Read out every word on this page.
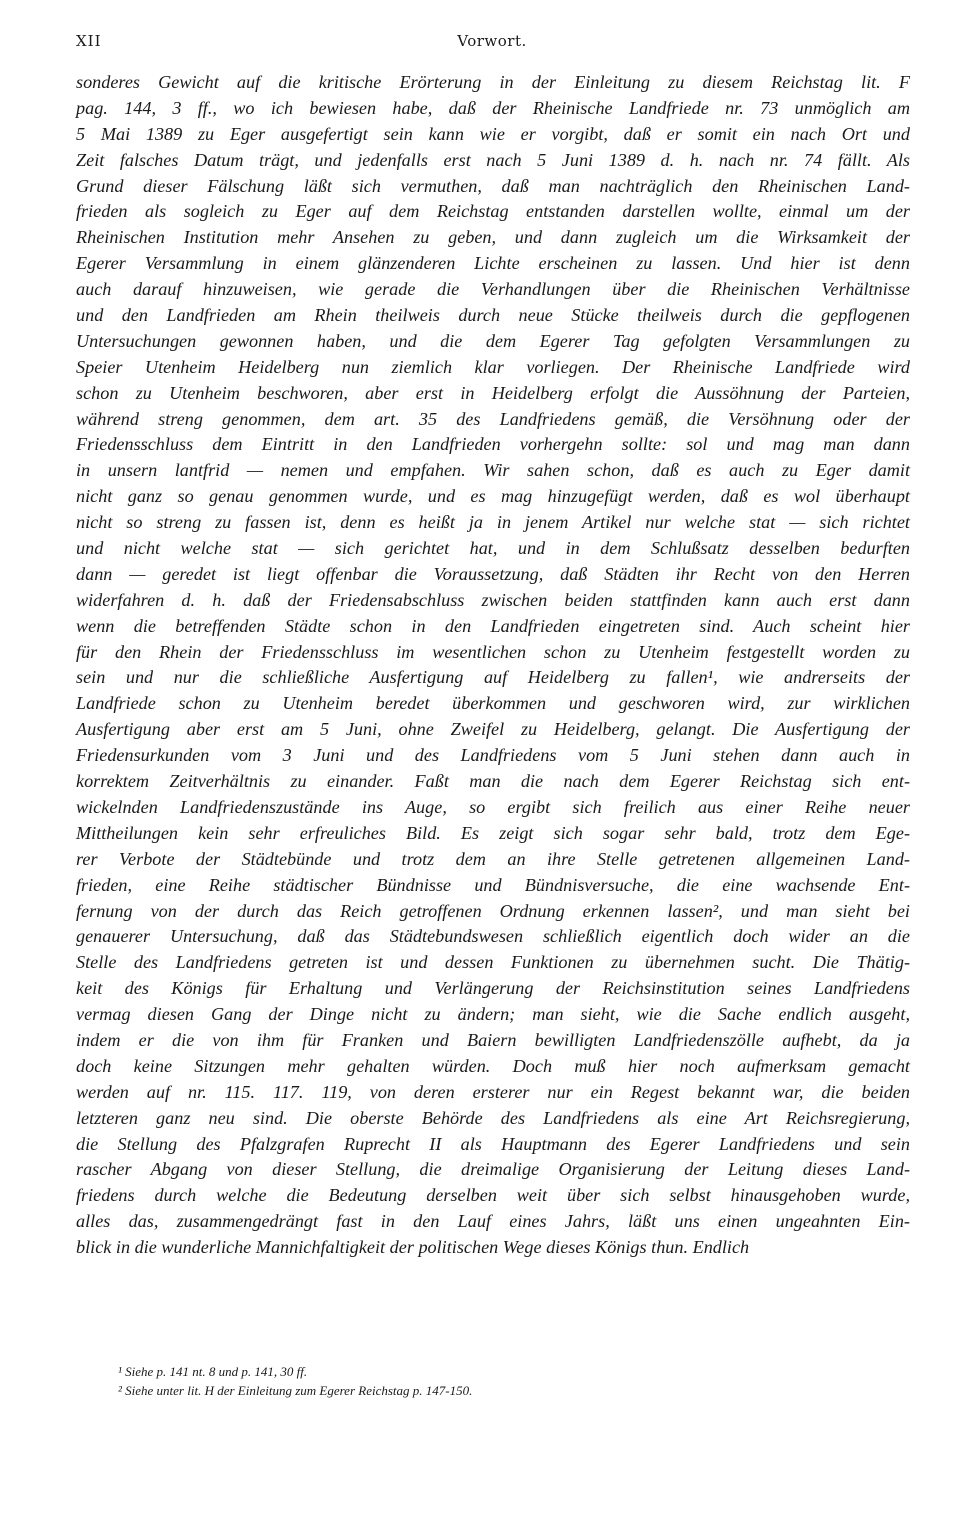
XII	Vorwort.
sonderes Gewicht auf die kritische Erörterung in der Einleitung zu diesem Reichstag lit. F
pag. 144, 3 ff., wo ich bewiesen habe, daß der Rheinische Landfriede nr. 73 unmöglich am
5 Mai 1389 zu Eger ausgefertigt sein kann wie er vorgibt, daß er somit ein nach Ort und
Zeit falsches Datum trägt, und jedenfalls erst nach 5 Juni 1389 d. h. nach nr. 74 fällt. Als
Grund dieser Fälschung läßt sich vermuthen, daß man nachträglich den Rheinischen Land-
frieden als sogleich zu Eger auf dem Reichstag entstanden darstellen wollte, einmal um der
Rheinischen Institution mehr Ansehen zu geben, und dann zugleich um die Wirksamkeit der
Egerer Versammlung in einem glänzenderen Lichte erscheinen zu lassen. Und hier ist denn
auch darauf hinzuweisen, wie gerade die Verhandlungen über die Rheinischen Verhältnisse
und den Landfrieden am Rhein theilweis durch neue Stücke theilweis durch die gepflogenen
Untersuchungen gewonnen haben, und die dem Egerer Tag gefolgten Versammlungen zu
Speier Utenheim Heidelberg nun ziemlich klar vorliegen. Der Rheinische Landfriede wird
schon zu Utenheim beschworen, aber erst in Heidelberg erfolgt die Aussöhnung der Parteien,
während streng genommen, dem art. 35 des Landfriedens gemäß, die Versöhnung oder der
Friedensschluss dem Eintritt in den Landfrieden vorhergehn sollte: sol und mag man dann
in unsern lantfrid — nemen und empfahen. Wir sahen schon, daß es auch zu Eger damit
nicht ganz so genau genommen wurde, und es mag hinzugefügt werden, daß es wol überhaupt
nicht so streng zu fassen ist, denn es heißt ja in jenem Artikel nur welche stat — sich richtet
und nicht welche stat — sich gerichtet hat, und in dem Schlußsatz desselben bedurften
dann — geredet ist liegt offenbar die Voraussetzung, daß Städten ihr Recht von den Herren
widerfahren d. h. daß der Friedensabschluss zwischen beiden stattfinden kann auch erst dann
wenn die betreffenden Städte schon in den Landfrieden eingetreten sind. Auch scheint hier
für den Rhein der Friedensschluss im wesentlichen schon zu Utenheim festgestellt worden zu
sein und nur die schließliche Ausfertigung auf Heidelberg zu fallen¹, wie andrerseits der
Landfriede schon zu Utenheim beredet überkommen und geschworen wird, zur wirklichen
Ausfertigung aber erst am 5 Juni, ohne Zweifel zu Heidelberg, gelangt. Die Ausfertigung der
Friedensurkunden vom 3 Juni und des Landfriedens vom 5 Juni stehen dann auch in
korrektem Zeitverhältnis zu einander. Faßt man die nach dem Egerer Reichstag sich ent-
wickelnden Landfriedenszustände ins Auge, so ergibt sich freilich aus einer Reihe neuer
Mittheilungen kein sehr erfreuliches Bild. Es zeigt sich sogar sehr bald, trotz dem Ege-
rer Verbote der Städtebünde und trotz dem an ihre Stelle getretenen allgemeinen Land-
frieden, eine Reihe städtischer Bündnisse und Bündnisversuche, die eine wachsende Ent-
fernung von der durch das Reich getroffenen Ordnung erkennen lassen², und man sieht bei
genauerer Untersuchung, daß das Städtebundswesen schließlich eigentlich doch wider an die
Stelle des Landfriedens getreten ist und dessen Funktionen zu übernehmen sucht. Die Thätig-
keit des Königs für Erhaltung und Verlängerung der Reichsinstitution seines Landfriedens
vermag diesen Gang der Dinge nicht zu ändern; man sieht, wie die Sache endlich ausgeht,
indem er die von ihm für Franken und Baiern bewilligten Landfriedenszölle aufhebt, da ja
doch keine Sitzungen mehr gehalten würden. Doch muß hier noch aufmerksam gemacht
werden auf nr. 115. 117. 119, von deren ersterer nur ein Regest bekannt war, die beiden
letzteren ganz neu sind. Die oberste Behörde des Landfriedens als eine Art Reichsregierung,
die Stellung des Pfalzgrafen Ruprecht II als Hauptmann des Egerer Landfriedens und sein
rascher Abgang von dieser Stellung, die dreimalige Organisierung der Leitung dieses Land-
friedens durch welche die Bedeutung derselben weit über sich selbst hinausgehoben wurde,
alles das, zusammengedrängt fast in den Lauf eines Jahrs, läßt uns einen ungeahnten Ein-
blick in die wunderliche Mannichfaltigkeit der politischen Wege dieses Königs thun. Endlich
¹ Siehe p. 141 nt. 8 und p. 141, 30 ff.
² Siehe unter lit. H der Einleitung zum Egerer Reichstag p. 147-150.
